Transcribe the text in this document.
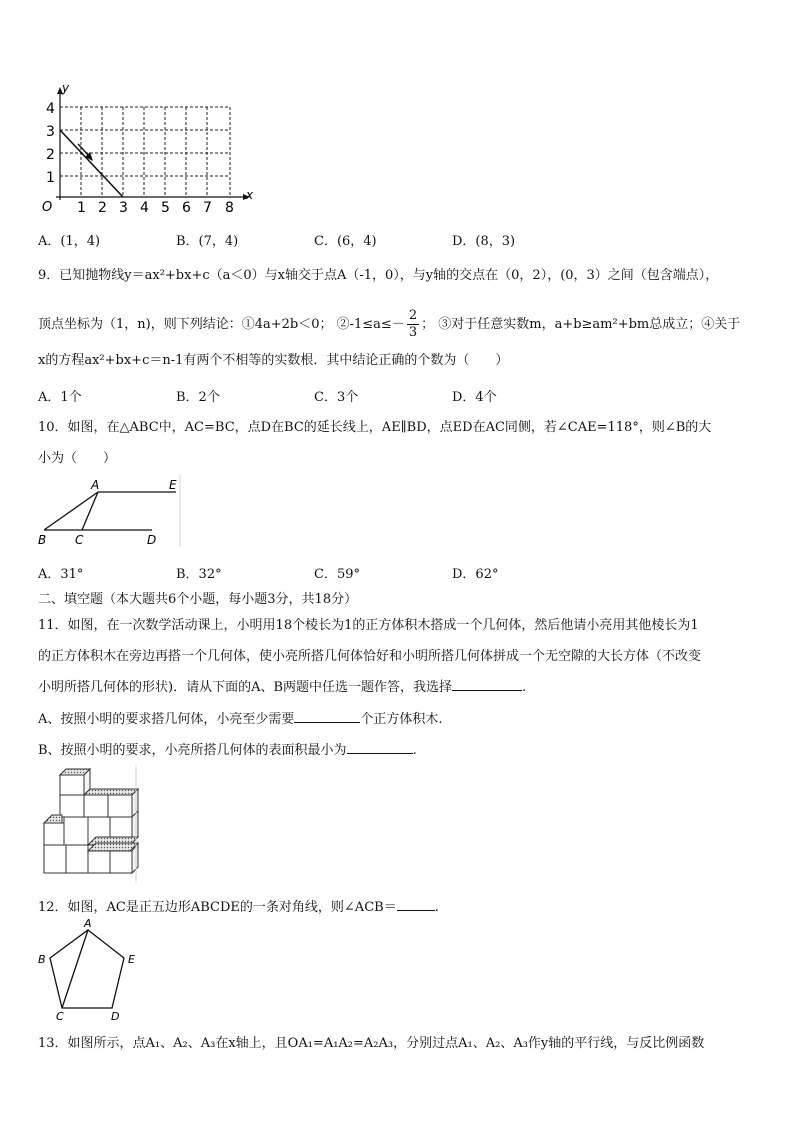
y
x
O
4
3
2
1
1 2 3 4 5 6 7 8
A．(1，4)	B．(7，4)	C．(6，4)	D．(8，3)
9．已知抛物线y＝ax²+bx+c（a＜0）与x轴交于点A（-1，0），与y轴的交点在（0，2），(0，3）之间（包含端点），
顶点坐标为（1，n)，则下列结论：①4a+2b＜0； ②-1≤a≤－ $\frac{2}{3}$ ； ③对于任意实数m，a+b≥am²+bm总成立；④关于
x的方程ax²+bx+c＝n-1有两个不相等的实数根．其中结论正确的个数为（　　）
A．1个	B．2个	C．3个	D．4个
10．如图，在△ABC中，AC=BC，点D在BC的延长线上，AE∥BD，点ED在AC同侧，若∠CAE=118°，则∠B的大
小为（　　）
A	E
B C	D
A．31°	B．32°	C．59°	D．62°
二、填空题（本大题共6个小题，每小题3分，共18分）
11．如图，在一次数学活动课上，小明用18个棱长为1的正方体积木搭成一个几何体，然后他请小亮用其他棱长为1
的正方体积木在旁边再搭一个几何体，使小亮所搭几何体恰好和小明所搭几何体拼成一个无空隙的大长方体（不改变
小明所搭几何体的形状)．请从下面的A、B两题中任选一题作答，我选择	.
A、按照小明的要求搭几何体，小亮至少需要	个正方体积木.
B、按照小明的要求，小亮所搭几何体的表面积最小为	.
12．如图，AC是正五边形ABCDE的一条对角线，则∠ACB＝	.
A
E
B
C	D
13．如图所示，点A₁、A₂、A₃在x轴上，且OA₁=A₁A₂=A₂A₃，分别过点A₁、A₂、A₃作y轴的平行线，与反比例函数
